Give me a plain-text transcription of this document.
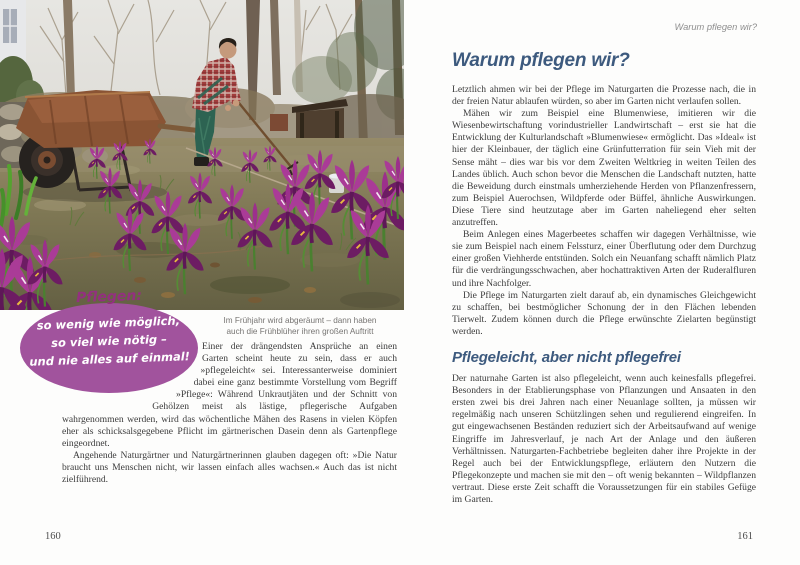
Im Frühjahr wird abgeräumt – dann haben
auch die Frühblüher ihren großen Auftritt
Pflegen:
so wenig wie möglich,
so viel wie nötig –
und nie alles auf einmal!

Einer der drängendsten Ansprüche an einen Garten scheint heute zu sein, dass er auch »pflegeleicht« sei. Interessanterweise dominiert dabei eine ganz bestimmte Vorstellung vom Begriff »Pflege«: Während Unkrautjäten und der Schnitt von Gehölzen meist als lästige, pflegerische Aufgaben wahrgenommen werden, wird das wöchentliche Mähen des Rasens in vielen Köpfen eher als schicksalsgegebene Pflicht im gärtnerischen Dasein denn als Gartenpflege eingeordnet.

Angehende Naturgärtner und Naturgärtnerinnen glauben dagegen oft: »Die Natur braucht uns Menschen nicht, wir lassen einfach alles wachsen.« Auch das ist nicht zielführend.

160
Warum pflegen wir?
Warum pflegen wir?

Letztlich ahmen wir bei der Pflege im Naturgarten die Prozesse nach, die in der freien Natur ablaufen würden, so aber im Garten nicht verlaufen sollen.

Mähen wir zum Beispiel eine Blumenwiese, imitieren wir die Wiesenbewirtschaftung vorindustrieller Landwirtschaft – erst sie hat die Entwicklung der Kulturlandschaft »Blumenwiese« ermöglicht. Das »Ideal« ist hier der Kleinbauer, der täglich eine Grünfutterration für sein Vieh mit der Sense mäht – dies war bis vor dem Zweiten Weltkrieg in weiten Teilen des Landes üblich. Auch schon bevor die Menschen die Landschaft nutzten, hatte die Beweidung durch einstmals umherziehende Herden von Pflanzenfressern, zum Beispiel Auerochsen, Wildpferde oder Büffel, ähnliche Auswirkungen. Diese Tiere sind heutzutage aber im Garten naheliegend eher selten anzutreffen.

Beim Anlegen eines Magerbeetes schaffen wir dagegen Verhältnisse, wie sie zum Beispiel nach einem Felssturz, einer Überflutung oder dem Durchzug einer großen Viehherde entstünden. Solch ein Neuanfang schafft nämlich Platz für die verdrängungsschwachen, aber hochattraktiven Arten der Ruderalfluren und ihre Nachfolger.

Die Pflege im Naturgarten zielt darauf ab, ein dynamisches Gleichgewicht zu schaffen, bei bestmöglicher Schonung der in den Flächen lebenden Tierwelt. Zudem können durch die Pflege erwünschte Zielarten begünstigt werden.

Pflegeleicht, aber nicht pflegefrei

Der naturnahe Garten ist also pflegeleicht, wenn auch keinesfalls pflegefrei. Besonders in der Etablierungsphase von Pflanzungen und Ansaaten in den ersten zwei bis drei Jahren nach einer Neuanlage sollten, ja müssen wir regelmäßig nach unseren Schützlingen sehen und regulierend eingreifen. In gut eingewachsenen Beständen reduziert sich der Arbeitsaufwand auf wenige Eingriffe im Jahresverlauf, je nach Art der Anlage und den äußeren Verhältnissen. Naturgarten-Fachbetriebe begleiten daher ihre Projekte in der Regel auch bei der Entwicklungspflege, erläutern den Nutzern die Pflegekonzepte und machen sie mit den – oft wenig bekannten – Wildpflanzen vertraut. Diese erste Zeit schafft die Voraussetzungen für ein stabiles Gefüge im Garten.

161
